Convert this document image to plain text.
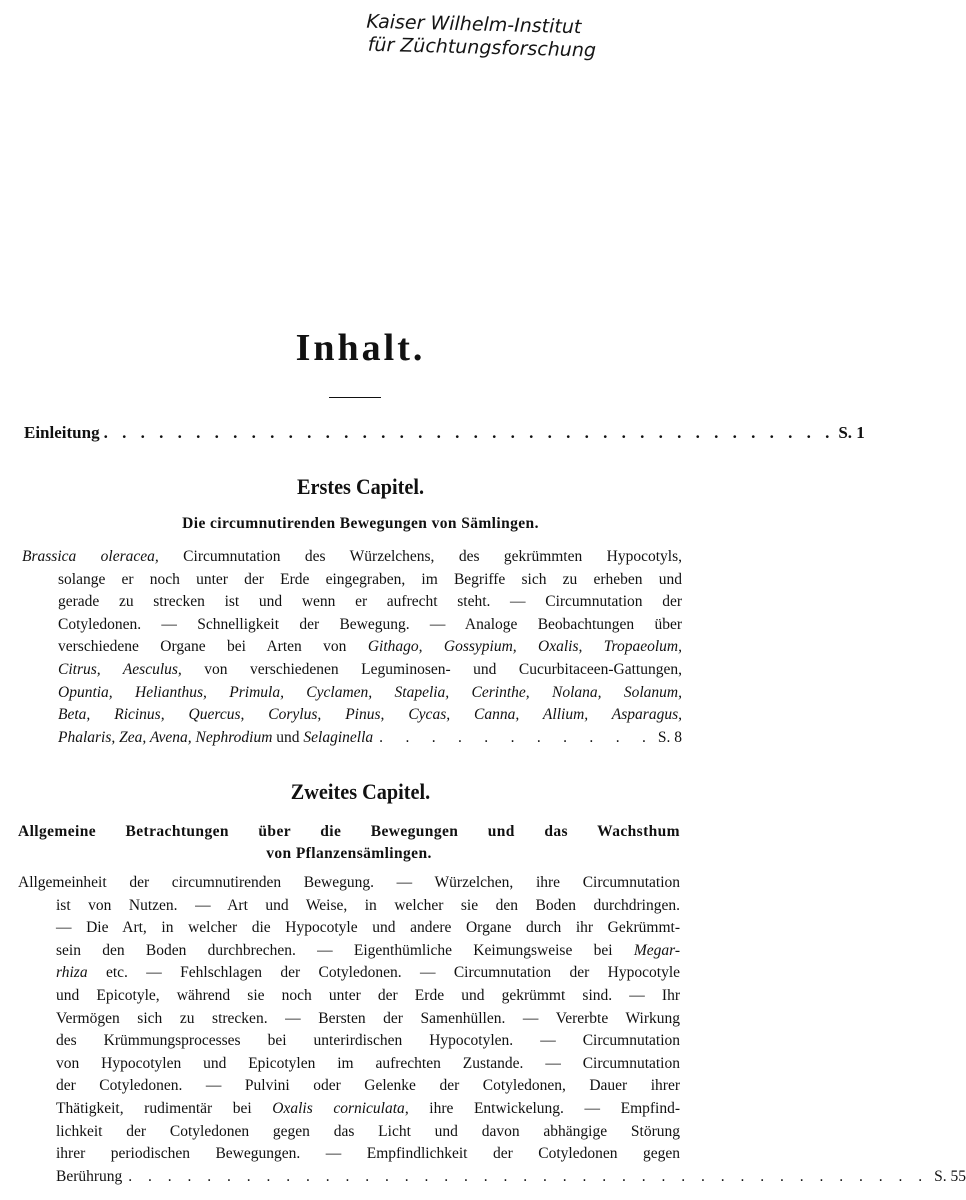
Kaiser Wilhelm-Institut
für Züchtungsforschung
Inhalt.
Einleitung . . . . . . . . . . . . . . . . . . . . . . . . . . . . . . . . . . . . . . . . S. 1
Erstes Capitel.
Die circumnutirenden Bewegungen von Sämlingen.
Brassica oleracea, Circumnutation des Würzelchens, des gekrümmten Hypocotyls,
solange er noch unter der Erde eingegraben, im Begriffe sich zu erheben und
gerade zu strecken ist und wenn er aufrecht steht. — Circumnutation der
Cotyledonen. — Schnelligkeit der Bewegung. — Analoge Beobachtungen über
verschiedene Organe bei Arten von Githago, Gossypium, Oxalis, Tropaeolum,
Citrus, Aesculus, von verschiedenen Leguminosen- und Cucurbitaceen-Gattungen,
Opuntia, Helianthus, Primula, Cyclamen, Stapelia, Cerinthe, Nolana, Solanum,
Beta, Ricinus, Quercus, Corylus, Pinus, Cycas, Canna, Allium, Asparagus,
Phalaris, Zea, Avena, Nephrodium und Selaginella . . . . . . . . . . . S. 8
Zweites Capitel.
Allgemeine Betrachtungen über die Bewegungen und das Wachsthum
von Pflanzensämlingen.
Allgemeinheit der circumnutirenden Bewegung. — Würzelchen, ihre Circumnutation
ist von Nutzen. — Art und Weise, in welcher sie den Boden durchdringen.
— Die Art, in welcher die Hypocotyle und andere Organe durch ihr Gekrümmt-
sein den Boden durchbrechen. — Eigenthümliche Keimungsweise bei Megar-
rhiza etc. — Fehlschlagen der Cotyledonen. — Circumnutation der Hypocotyle
und Epicotyle, während sie noch unter der Erde und gekrümmt sind. — Ihr
Vermögen sich zu strecken. — Bersten der Samenhüllen. — Vererbte Wirkung
des Krümmungsprocesses bei unterirdischen Hypocotylen. — Circumnutation
von Hypocotylen und Epicotylen im aufrechten Zustande. — Circumnutation
der Cotyledonen. — Pulvini oder Gelenke der Cotyledonen, Dauer ihrer
Thätigkeit, rudimentär bei Oxalis corniculata, ihre Entwickelung. — Empfind-
lichkeit der Cotyledonen gegen das Licht und davon abhängige Störung
ihrer periodischen Bewegungen. — Empfindlichkeit der Cotyledonen gegen
Berührung . . . . . . . . . . . . . . . . . . . . . . . . . . . . . . . . . . . . . . . . . S. 55
